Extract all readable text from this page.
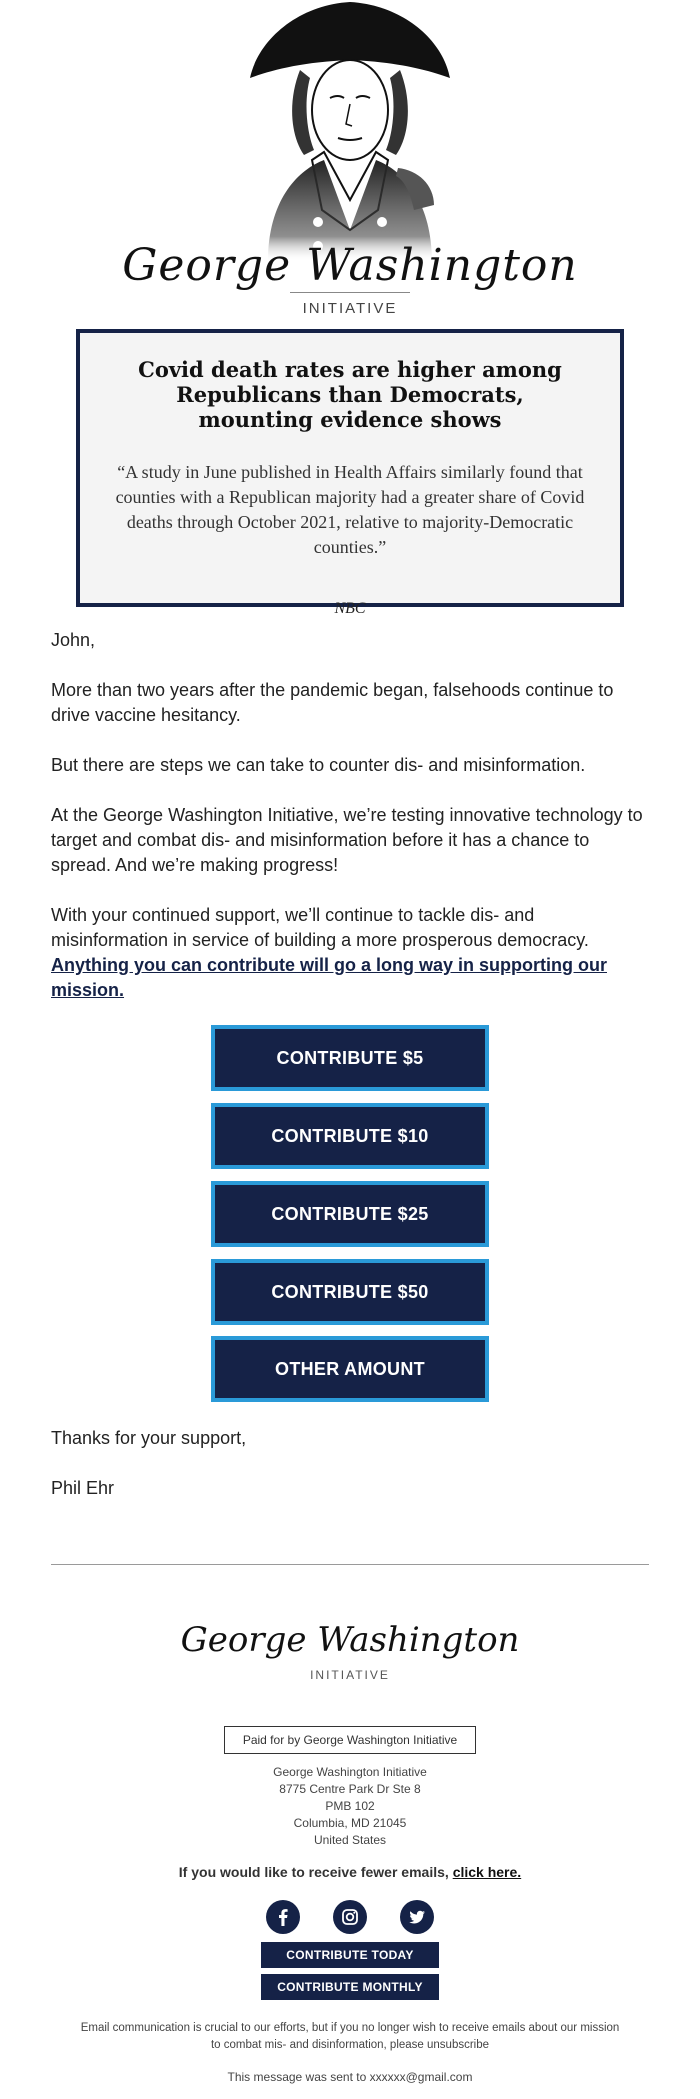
George Washington
INITIATIVE
Covid death rates are higher among Republicans than Democrats, mounting evidence shows
“A study in June published in Health Affairs similarly found that counties with a Republican majority had a greater share of Covid deaths through October 2021, relative to majority-Democratic counties.”
NBC
John,
More than two years after the pandemic began, falsehoods continue to drive vaccine hesitancy.
But there are steps we can take to counter dis- and misinformation.
At the George Washington Initiative, we’re testing innovative technology to target and combat dis- and misinformation before it has a chance to spread. And we’re making progress!
With your continued support, we’ll continue to tackle dis- and misinformation in service of building a more prosperous democracy. Anything you can contribute will go a long way in supporting our mission.
CONTRIBUTE $5
CONTRIBUTE $10
CONTRIBUTE $25
CONTRIBUTE $50
OTHER AMOUNT
Thanks for your support,
Phil Ehr
George Washington
INITIATIVE
Paid for by George Washington Initiative
George Washington Initiative
8775 Centre Park Dr Ste 8
PMB 102
Columbia, MD 21045
United States
If you would like to receive fewer emails, click here.
CONTRIBUTE TODAY
CONTRIBUTE MONTHLY
Email communication is crucial to our efforts, but if you no longer wish to receive emails about our mission to combat mis- and disinformation, please unsubscribe
This message was sent to xxxxxx@gmail.com
